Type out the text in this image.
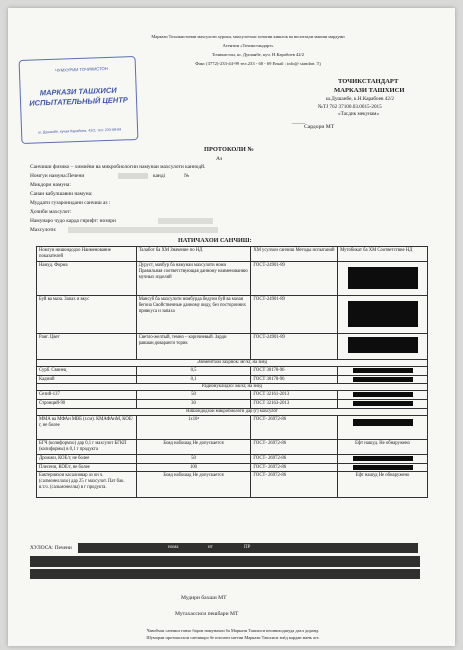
Маркази Тољикистонии махсулоти хуроки, махсулотхои хочагии кишлок ва воситаҳои маиши мардуми
Агентии «Точикстандарт»
Точикистон, ш. Душанбе, куч. Н.Карабоев 42/2
Факс (3772)-233-44-99 тел.233 - 68 - 69 Email : info@ standart. Tj
ЧУМХУРИИ ТОЧИКИСТОН
МАРКАЗИ ТАШХИСИ
ИСПЫТАТЕЛЬНЫЙ ЦЕНТР
ш. Душанбе, кучаи Карабоев, 42/2, тел: 233-68-69
ТОЧИКСТАНДАРТ
МАРКАЗИ ТАШХИСИ
ш.Душанбе, к.Н.Карабоев 42/2
№TJ 762 37100.03.0015-2015
«Тасдик мекунам»
_____
Сардори МТ
ПРОТОКОЛИ №
Аз
Санчиши физико – химиёви ва микробиологии намунаи махсулоти каннодй.
Номгуи намуна:Печени	канді	№
Микдори намуна:
Санаи кабулшавии намуна:
Муддати гузаронидани санчиш аз :
Ҳочиби махсулот:
Намунаро чудо карда гирифт: нозири
Махсулоти:
НАТИЧАХОИ САНЧИШ:
Номгуи нишондодхо Наименование показателей	Талабот ба ХМ Значение по НД	ХМ усулхои санчиш Методы испытаний	Мутобикат ба ХМ Соответствие НД
Намуд. Форма	Дуруст, мачбур ба намунаи махсулоти номи Правильная соответствующая данному наименованию мучных изделий	ГОСТ-24901-89	

Буй ва маза. Запах и вкус	Мансуб ба махсулоти номбурда бедуни буй ва мазаи бегона Свойственные данному виду, без посторонних привкуса и запаха	ГОСТ-24901-89	

Ранг. Цвет	Светло-желтый, темно – коричневый. Зарди равшан,qоваранги торик	ГОСТ-24901-89	

Элементхои захрнок: мг/кг, на зиёд			
Сурб. Свинец	0,5	ГОСТ 30178-96	

Кадмий	0,1	ГОСТ 30178-96	

Радионуклидхо: Бк/кг, на зиёд			
Сезий-137	50	ГОСТ 32161-2013	

Стронций-90	30	ГОСТ 32163-2013	

Нишондодхои микробиологи дар (г) махсулот			
ММА ва МФАн МВБ (г.см). КМАФАнМ, КОЕ/ г, не более	1х10⁴	ГОСТ- 26972-86	

БГЧ (колиформхо) дар 0,1 г махсулот БГКП (колиформы) в 0,1 г продукта	Бояд набошад Не допускается	ГОСТ- 26972-86	Ёфт нашуд. Не обнаружено
Дрожжи, КОЕ/г, не более	50	ГОСТ- 26972-86	

Плесени, КОЕ/г, не более	100	ГОСТ- 26972-86	

Бактерияхои касалиовар аз он ч. (салмонеллахо) дар 25 г махсулот. Пат бак. в.т.ч. (сальмонеллы) в г продукта.	Бояд набошад Не допускается	ГОСТ- 26972-86	Ёфт нашуд Не обнаружено
ХУЛОСА: Печени	нома	нт	ПР
Мудири бахши МТ
Мутахассиси пешбари МТ
Чавобхои санчиш танхо барои намунахои ба Маркази Ташхиси пешниходшуда дахл доранд.
Шумораи протоколхои санчишро бе ичозати хаттии Маркази Ташхиси зиёд кардан манъ аст.
